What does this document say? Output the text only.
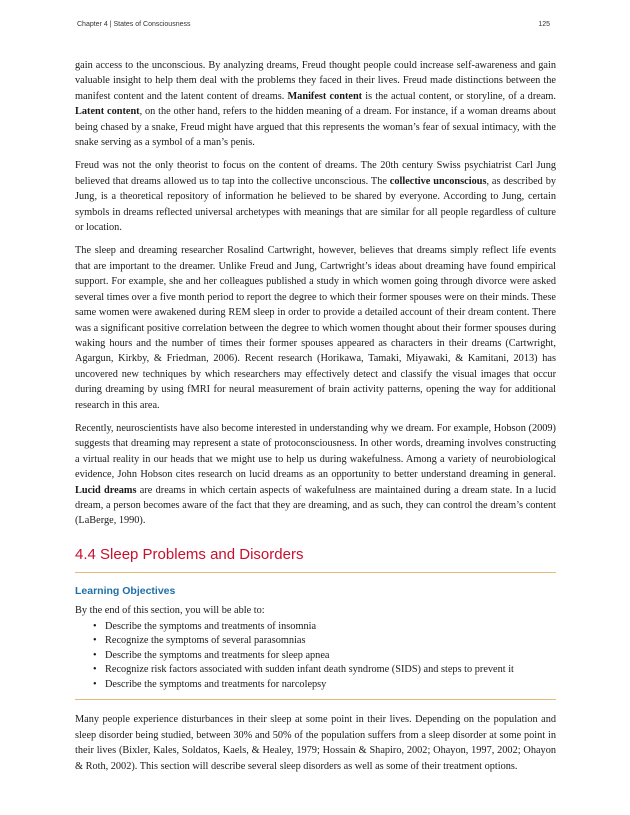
Chapter 4 | States of Consciousness	125

gain access to the unconscious. By analyzing dreams, Freud thought people could increase self-awareness and gain valuable insight to help them deal with the problems they faced in their lives. Freud made distinctions between the manifest content and the latent content of dreams. Manifest content is the actual content, or storyline, of a dream. Latent content, on the other hand, refers to the hidden meaning of a dream. For instance, if a woman dreams about being chased by a snake, Freud might have argued that this represents the woman’s fear of sexual intimacy, with the snake serving as a symbol of a man’s penis.

Freud was not the only theorist to focus on the content of dreams. The 20th century Swiss psychiatrist Carl Jung believed that dreams allowed us to tap into the collective unconscious. The collective unconscious, as described by Jung, is a theoretical repository of information he believed to be shared by everyone. According to Jung, certain symbols in dreams reflected universal archetypes with meanings that are similar for all people regardless of culture or location.

The sleep and dreaming researcher Rosalind Cartwright, however, believes that dreams simply reflect life events that are important to the dreamer. Unlike Freud and Jung, Cartwright’s ideas about dreaming have found empirical support. For example, she and her colleagues published a study in which women going through divorce were asked several times over a five month period to report the degree to which their former spouses were on their minds. These same women were awakened during REM sleep in order to provide a detailed account of their dream content. There was a significant positive correlation between the degree to which women thought about their former spouses during waking hours and the number of times their former spouses appeared as characters in their dreams (Cartwright, Agargun, Kirkby, & Friedman, 2006). Recent research (Horikawa, Tamaki, Miyawaki, & Kamitani, 2013) has uncovered new techniques by which researchers may effectively detect and classify the visual images that occur during dreaming by using fMRI for neural measurement of brain activity patterns, opening the way for additional research in this area.

Recently, neuroscientists have also become interested in understanding why we dream. For example, Hobson (2009) suggests that dreaming may represent a state of protoconsciousness. In other words, dreaming involves constructing a virtual reality in our heads that we might use to help us during wakefulness. Among a variety of neurobiological evidence, John Hobson cites research on lucid dreams as an opportunity to better understand dreaming in general. Lucid dreams are dreams in which certain aspects of wakefulness are maintained during a dream state. In a lucid dream, a person becomes aware of the fact that they are dreaming, and as such, they can control the dream’s content (LaBerge, 1990).

4.4 Sleep Problems and Disorders
Learning Objectives

By the end of this section, you will be able to:

• Describe the symptoms and treatments of insomnia
• Recognize the symptoms of several parasomnias
• Describe the symptoms and treatments for sleep apnea
• Recognize risk factors associated with sudden infant death syndrome (SIDS) and steps to prevent it
• Describe the symptoms and treatments for narcolepsy

Many people experience disturbances in their sleep at some point in their lives. Depending on the population and sleep disorder being studied, between 30% and 50% of the population suffers from a sleep disorder at some point in their lives (Bixler, Kales, Soldatos, Kaels, & Healey, 1979; Hossain & Shapiro, 2002; Ohayon, 1997, 2002; Ohayon & Roth, 2002). This section will describe several sleep disorders as well as some of their treatment options.
